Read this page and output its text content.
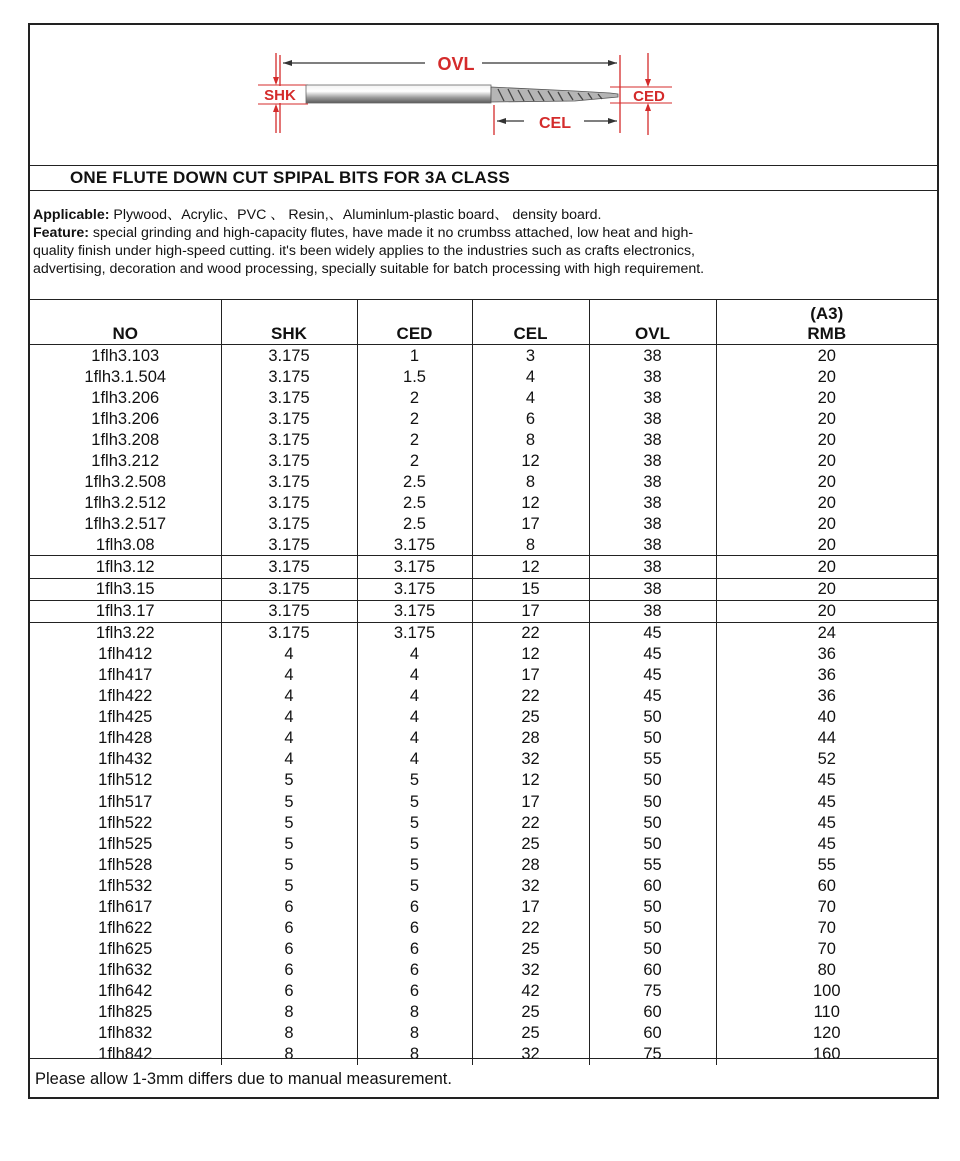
OVL
SHK	CED
CEL
ONE FLUTE DOWN CUT SPIPAL BITS FOR 3A CLASS

Applicable: Plywood、Acrylic、PVC 、 Resin,、Aluminlum-plastic board、 density board.

Feature: special grinding and high-capacity flutes, have made it no crumbss attached, low heat and high-

quality finish under high-speed cutting. it's been widely applies to the industries such as crafts electronics,

advertising, decoration and wood processing, specially suitable for batch processing with high requirement.

NO	SHK	CED	CEL	OVL	(A3)
RMB
1flh3.103	3.175	1	3	38	20
1flh3.1.504	3.175	1.5	4	38	20
1flh3.206	3.175	2	4	38	20
1flh3.206	3.175	2	6	38	20
1flh3.208	3.175	2	8	38	20
1flh3.212	3.175	2	12	38	20
1flh3.2.508	3.175	2.5	8	38	20
1flh3.2.512	3.175	2.5	12	38	20
1flh3.2.517	3.175	2.5	17	38	20
1flh3.08	3.175	3.175	8	38	20
1flh3.12	3.175	3.175	12	38	20
1flh3.15	3.175	3.175	15	38	20
1flh3.17	3.175	3.175	17	38	20
1flh3.22	3.175	3.175	22	45	24
1flh412	4	4	12	45	36
1flh417	4	4	17	45	36
1flh422	4	4	22	45	36
1flh425	4	4	25	50	40
1flh428	4	4	28	50	44
1flh432	4	4	32	55	52
1flh512	5	5	12	50	45
1flh517	5	5	17	50	45
1flh522	5	5	22	50	45
1flh525	5	5	25	50	45
1flh528	5	5	28	55	55
1flh532	5	5	32	60	60
1flh617	6	6	17	50	70
1flh622	6	6	22	50	70
1flh625	6	6	25	50	70
1flh632	6	6	32	60	80
1flh642	6	6	42	75	100
1flh825	8	8	25	60	110
1flh832	8	8	25	60	120
1flh842	8	8	32	75	160
Please allow 1-3mm differs due to manual measurement.
